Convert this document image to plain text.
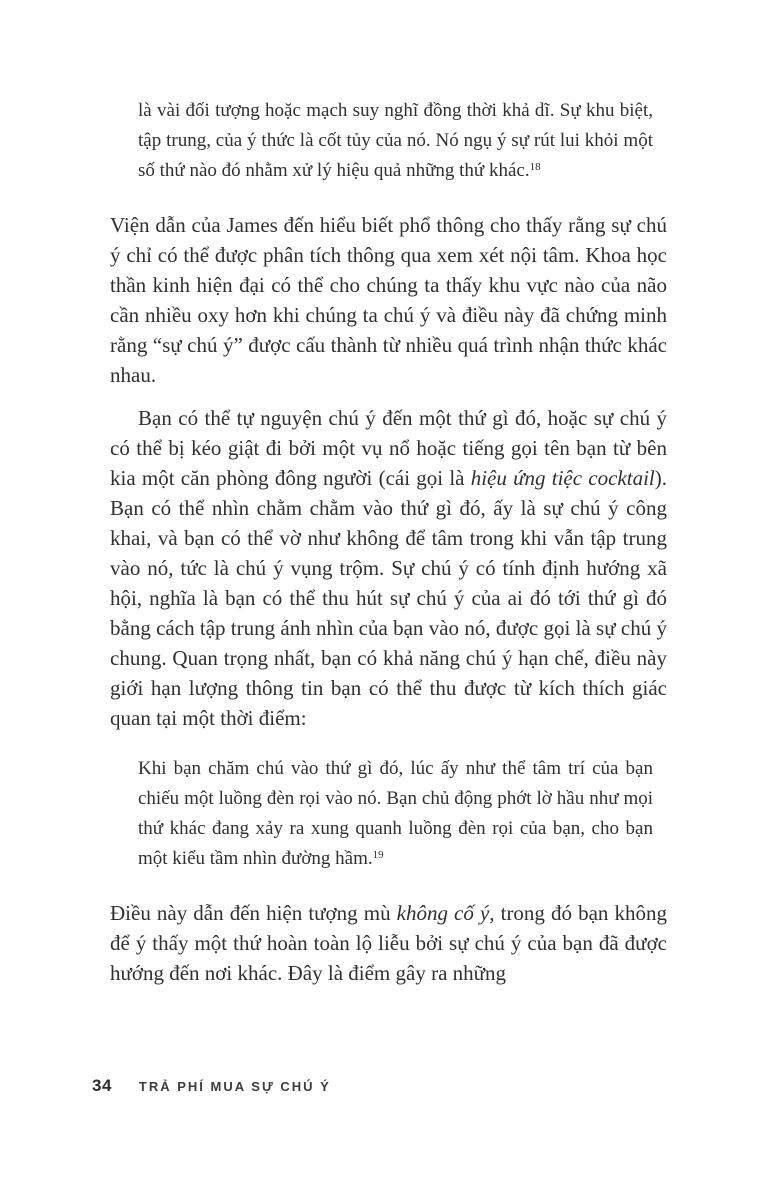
là vài đối tượng hoặc mạch suy nghĩ đồng thời khả dĩ. Sự khu biệt, tập trung, của ý thức là cốt tủy của nó. Nó ngụ ý sự rút lui khỏi một số thứ nào đó nhằm xử lý hiệu quả những thứ khác.$^{18}$

Viện dẫn của James đến hiểu biết phổ thông cho thấy rằng sự chú ý chỉ có thể được phân tích thông qua xem xét nội tâm. Khoa học thần kinh hiện đại có thể cho chúng ta thấy khu vực nào của não cần nhiều oxy hơn khi chúng ta chú ý và điều này đã chứng minh rằng “sự chú ý” được cấu thành từ nhiều quá trình nhận thức khác nhau.

Bạn có thể tự nguyện chú ý đến một thứ gì đó, hoặc sự chú ý có thể bị kéo giật đi bởi một vụ nổ hoặc tiếng gọi tên bạn từ bên kia một căn phòng đông người (cái gọi là hiệu ứng tiệc cocktail). Bạn có thể nhìn chằm chằm vào thứ gì đó, ấy là sự chú ý công khai, và bạn có thể vờ như không để tâm trong khi vẫn tập trung vào nó, tức là chú ý vụng trộm. Sự chú ý có tính định hướng xã hội, nghĩa là bạn có thể thu hút sự chú ý của ai đó tới thứ gì đó bằng cách tập trung ánh nhìn của bạn vào nó, được gọi là sự chú ý chung. Quan trọng nhất, bạn có khả năng chú ý hạn chế, điều này giới hạn lượng thông tin bạn có thể thu được từ kích thích giác quan tại một thời điểm:

Khi bạn chăm chú vào thứ gì đó, lúc ấy như thể tâm trí của bạn chiếu một luồng đèn rọi vào nó. Bạn chủ động phớt lờ hầu như mọi thứ khác đang xảy ra xung quanh luồng đèn rọi của bạn, cho bạn một kiểu tầm nhìn đường hầm.$^{19}$

Điều này dẫn đến hiện tượng mù không cố ý, trong đó bạn không để ý thấy một thứ hoàn toàn lộ liễu bởi sự chú ý của bạn đã được hướng đến nơi khác. Đây là điểm gây ra những

34 TRẢ PHÍ MUA SỰ CHÚ Ý
